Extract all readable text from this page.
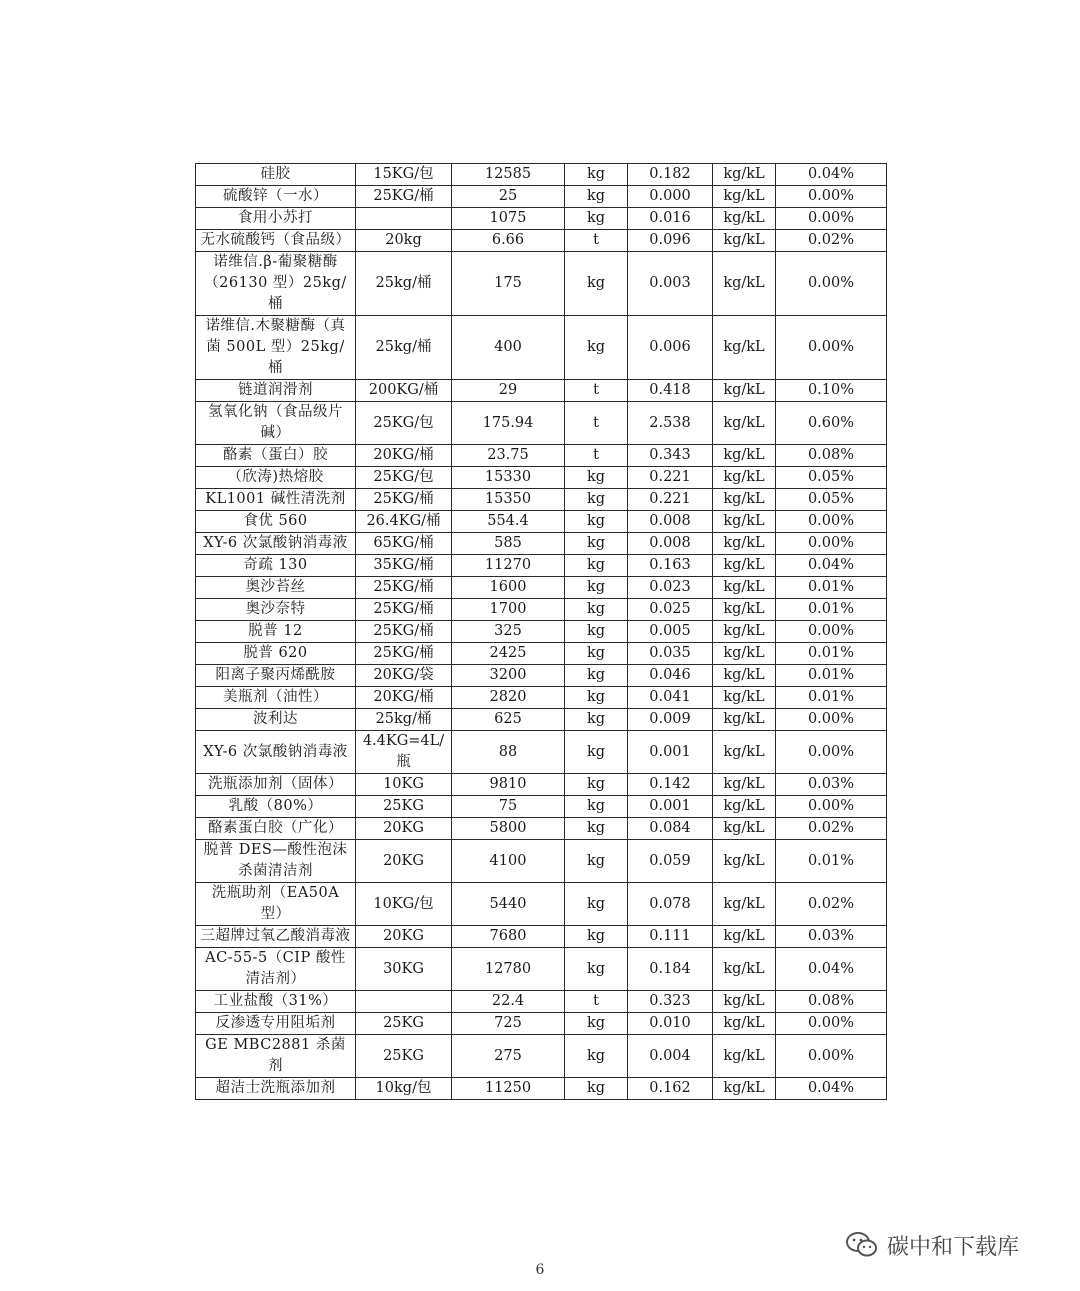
硅胶	15KG/包	12585	kg	0.182	kg/kL	0.04%
硫酸锌（一水）	25KG/桶	25	kg	0.000	kg/kL	0.00%
食用小苏打		1075	kg	0.016	kg/kL	0.00%
无水硫酸钙（食品级）	20kg	6.66	t	0.096	kg/kL	0.02%
诺维信.β-葡聚糖酶（26130 型）25kg/桶	25kg/桶	175	kg	0.003	kg/kL	0.00%
诺维信.木聚糖酶（真菌 500L 型）25kg/桶	25kg/桶	400	kg	0.006	kg/kL	0.00%
链道润滑剂	200KG/桶	29	t	0.418	kg/kL	0.10%
氢氧化钠（食品级片碱）	25KG/包	175.94	t	2.538	kg/kL	0.60%
酪素（蛋白）胶	20KG/桶	23.75	t	0.343	kg/kL	0.08%
（欣涛)热熔胶	25KG/包	15330	kg	0.221	kg/kL	0.05%
KL1001 碱性清洗剂	25KG/桶	15350	kg	0.221	kg/kL	0.05%
食优 560	26.4KG/桶	554.4	kg	0.008	kg/kL	0.00%
XY-6 次氯酸钠消毒液	65KG/桶	585	kg	0.008	kg/kL	0.00%
奇疏 130	35KG/桶	11270	kg	0.163	kg/kL	0.04%
奥沙苔丝	25KG/桶	1600	kg	0.023	kg/kL	0.01%
奥沙奈特	25KG/桶	1700	kg	0.025	kg/kL	0.01%
脱普 12	25KG/桶	325	kg	0.005	kg/kL	0.00%
脱普 620	25KG/桶	2425	kg	0.035	kg/kL	0.01%
阳离子聚丙烯酰胺	20KG/袋	3200	kg	0.046	kg/kL	0.01%
美瓶剂（油性）	20KG/桶	2820	kg	0.041	kg/kL	0.01%
波利达	25kg/桶	625	kg	0.009	kg/kL	0.00%
XY-6 次氯酸钠消毒液	4.4KG=4L/瓶	88	kg	0.001	kg/kL	0.00%
洗瓶添加剂（固体）	10KG	9810	kg	0.142	kg/kL	0.03%
乳酸（80%）	25KG	75	kg	0.001	kg/kL	0.00%
酪素蛋白胶（广化）	20KG	5800	kg	0.084	kg/kL	0.02%
脱普 DES—酸性泡沫杀菌清洁剂	20KG	4100	kg	0.059	kg/kL	0.01%
洗瓶助剂（EA50A 型）	10KG/包	5440	kg	0.078	kg/kL	0.02%
三超牌过氧乙酸消毒液	20KG	7680	kg	0.111	kg/kL	0.03%
AC-55-5（CIP 酸性清洁剂）	30KG	12780	kg	0.184	kg/kL	0.04%
工业盐酸（31%）		22.4	t	0.323	kg/kL	0.08%
反渗透专用阻垢剂	25KG	725	kg	0.010	kg/kL	0.00%
GE MBC2881 杀菌剂	25KG	275	kg	0.004	kg/kL	0.00%
超洁士洗瓶添加剂	10kg/包	11250	kg	0.162	kg/kL	0.04%
碳中和下载库
6
